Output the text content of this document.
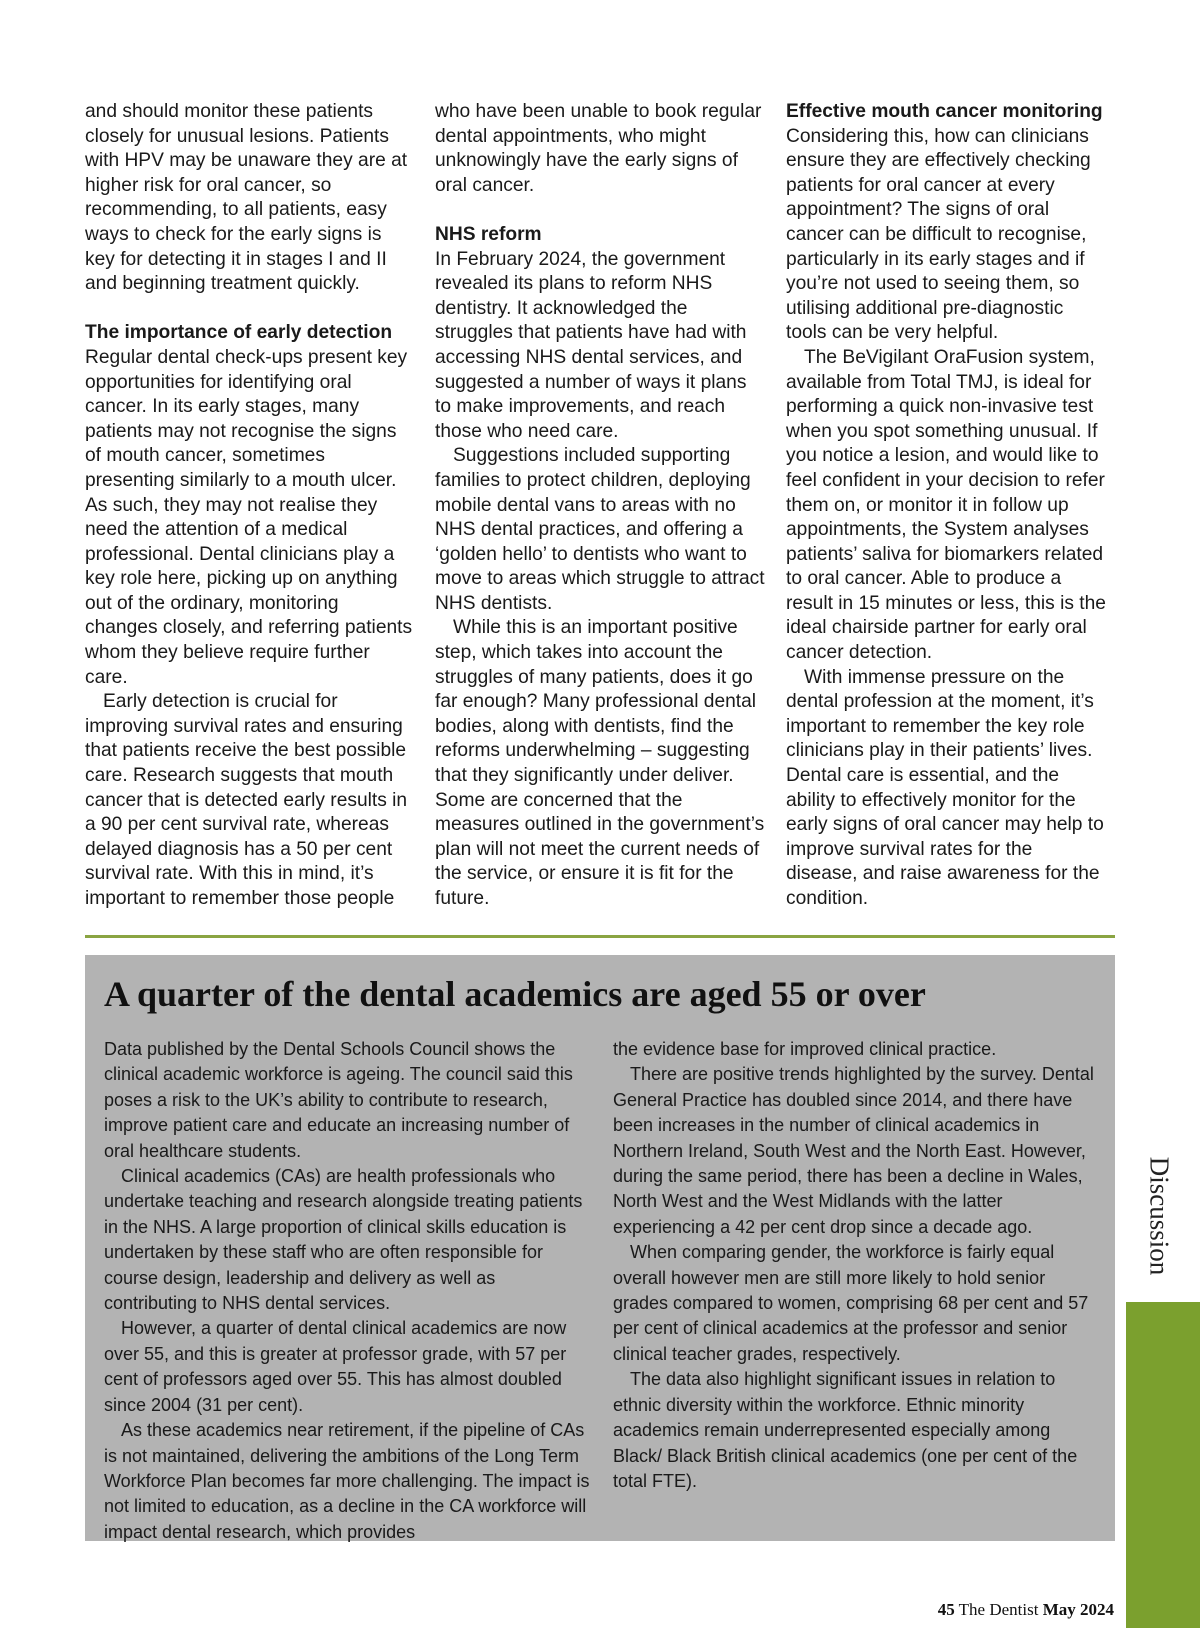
and should monitor these patients closely for unusual lesions. Patients with HPV may be unaware they are at higher risk for oral cancer, so recommending, to all patients, easy ways to check for the early signs is key for detecting it in stages I and II and beginning treatment quickly.

The importance of early detection

Regular dental check-ups present key opportunities for identifying oral cancer. In its early stages, many patients may not recognise the signs of mouth cancer, sometimes presenting similarly to a mouth ulcer. As such, they may not realise they need the attention of a medical professional. Dental clinicians play a key role here, picking up on anything out of the ordinary, monitoring changes closely, and referring patients whom they believe require further care.

Early detection is crucial for improving survival rates and ensuring that patients receive the best possible care. Research suggests that mouth cancer that is detected early results in a 90 per cent survival rate, whereas delayed diagnosis has a 50 per cent survival rate. With this in mind, it’s important to remember those people

who have been unable to book regular dental appointments, who might unknowingly have the early signs of oral cancer.

NHS reform

In February 2024, the government revealed its plans to reform NHS dentistry. It acknowledged the struggles that patients have had with accessing NHS dental services, and suggested a number of ways it plans to make improvements, and reach those who need care.

Suggestions included supporting families to protect children, deploying mobile dental vans to areas with no NHS dental practices, and offering a ‘golden hello’ to dentists who want to move to areas which struggle to attract NHS dentists.

While this is an important positive step, which takes into account the struggles of many patients, does it go far enough? Many professional dental bodies, along with dentists, find the reforms underwhelming – suggesting that they significantly under deliver. Some are concerned that the measures outlined in the government’s plan will not meet the current needs of the service, or ensure it is fit for the future.

Effective mouth cancer monitoring

Considering this, how can clinicians ensure they are effectively checking patients for oral cancer at every appointment? The signs of oral cancer can be difficult to recognise, particularly in its early stages and if you’re not used to seeing them, so utilising additional pre-diagnostic tools can be very helpful.

The BeVigilant OraFusion system, available from Total TMJ, is ideal for performing a quick non-invasive test when you spot something unusual. If you notice a lesion, and would like to feel confident in your decision to refer them on, or monitor it in follow up appointments, the System analyses patients’ saliva for biomarkers related to oral cancer. Able to produce a result in 15 minutes or less, this is the ideal chairside partner for early oral cancer detection.

With immense pressure on the dental profession at the moment, it’s important to remember the key role clinicians play in their patients’ lives. Dental care is essential, and the ability to effectively monitor for the early signs of oral cancer may help to improve survival rates for the disease, and raise awareness for the condition.

A quarter of the dental academics are aged 55 or over

Data published by the Dental Schools Council shows the clinical academic workforce is ageing. The council said this poses a risk to the UK’s ability to contribute to research, improve patient care and educate an increasing number of oral healthcare students.

Clinical academics (CAs) are health professionals who undertake teaching and research alongside treating patients in the NHS. A large proportion of clinical skills education is undertaken by these staff who are often responsible for course design, leadership and delivery as well as contributing to NHS dental services.

However, a quarter of dental clinical academics are now over 55, and this is greater at professor grade, with 57 per cent of professors aged over 55. This has almost doubled since 2004 (31 per cent).

As these academics near retirement, if the pipeline of CAs is not maintained, delivering the ambitions of the Long Term Workforce Plan becomes far more challenging. The impact is not limited to education, as a decline in the CA workforce will impact dental research, which provides

the evidence base for improved clinical practice.

There are positive trends highlighted by the survey. Dental General Practice has doubled since 2014, and there have been increases in the number of clinical academics in Northern Ireland, South West and the North East. However, during the same period, there has been a decline in Wales, North West and the West Midlands with the latter experiencing a 42 per cent drop since a decade ago.

When comparing gender, the workforce is fairly equal overall however men are still more likely to hold senior grades compared to women, comprising 68 per cent and 57 per cent of clinical academics at the professor and senior clinical teacher grades, respectively.

The data also highlight significant issues in relation to ethnic diversity within the workforce. Ethnic minority academics remain underrepresented especially among Black/ Black British clinical academics (one per cent of the total FTE).

Discussion
45 The Dentist May 2024
